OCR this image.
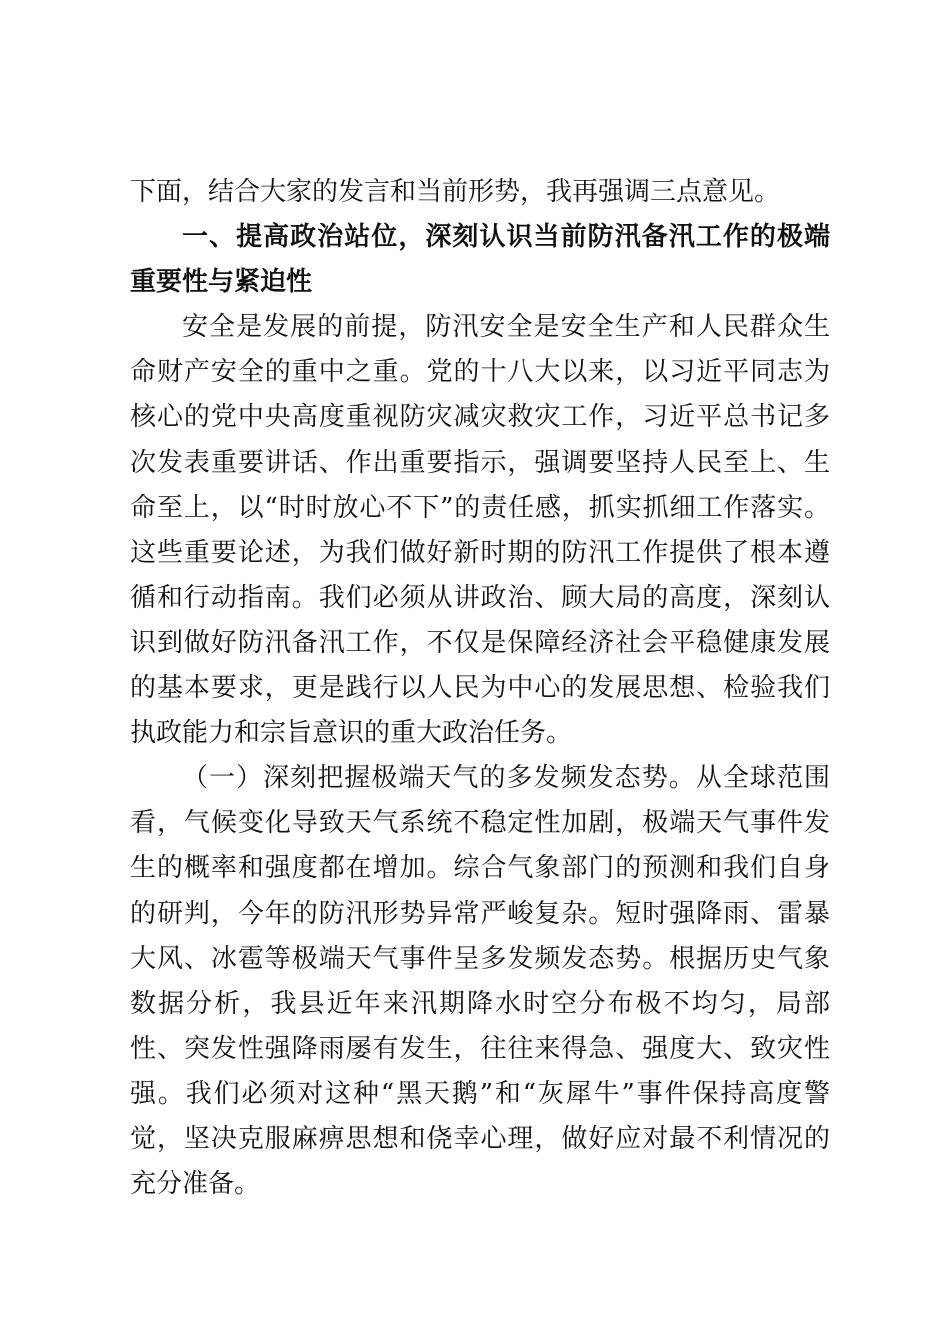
下面，结合大家的发言和当前形势，我再强调三点意见。

一、提高政治站位，深刻认识当前防汛备汛工作的极端重要性与紧迫性

安全是发展的前提，防汛安全是安全生产和人民群众生命财产安全的重中之重。党的十八大以来，以习近平同志为核心的党中央高度重视防灾减灾救灾工作，习近平总书记多次发表重要讲话、作出重要指示，强调要坚持人民至上、生命至上，以“时时放心不下”的责任感，抓实抓细工作落实。这些重要论述，为我们做好新时期的防汛工作提供了根本遵循和行动指南。我们必须从讲政治、顾大局的高度，深刻认识到做好防汛备汛工作，不仅是保障经济社会平稳健康发展的基本要求，更是践行以人民为中心的发展思想、检验我们执政能力和宗旨意识的重大政治任务。

（一）深刻把握极端天气的多发频发态势。从全球范围看，气候变化导致天气系统不稳定性加剧，极端天气事件发生的概率和强度都在增加。综合气象部门的预测和我们自身的研判，今年的防汛形势异常严峻复杂。短时强降雨、雷暴大风、冰雹等极端天气事件呈多发频发态势。根据历史气象数据分析，我县近年来汛期降水时空分布极不均匀，局部性、突发性强降雨屡有发生，往往来得急、强度大、致灾性强。我们必须对这种“黑天鹅”和“灰犀牛”事件保持高度警觉，坚决克服麻痹思想和侥幸心理，做好应对最不利情况的充分准备。
